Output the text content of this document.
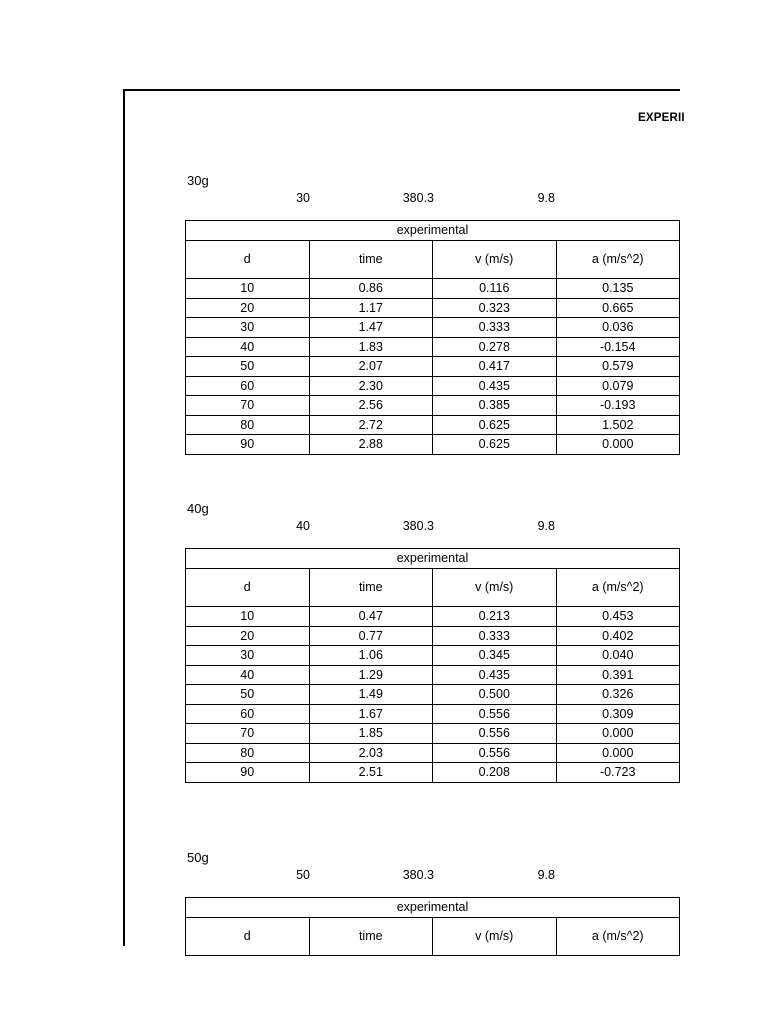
EXPERII
30g
30	380.3	9.8
experimental			
d	time	v (m/s)	a (m/s^2)
10	0.86	0.116	0.135
20	1.17	0.323	0.665
30	1.47	0.333	0.036
40	1.83	0.278	-0.154
50	2.07	0.417	0.579
60	2.30	0.435	0.079
70	2.56	0.385	-0.193
80	2.72	0.625	1.502
90	2.88	0.625	0.000
40g
40	380.3	9.8
experimental			
d	time	v (m/s)	a (m/s^2)
10	0.47	0.213	0.453
20	0.77	0.333	0.402
30	1.06	0.345	0.040
40	1.29	0.435	0.391
50	1.49	0.500	0.326
60	1.67	0.556	0.309
70	1.85	0.556	0.000
80	2.03	0.556	0.000
90	2.51	0.208	-0.723
50g
50	380.3	9.8
experimental
d	time	v (m/s)	a (m/s^2)
